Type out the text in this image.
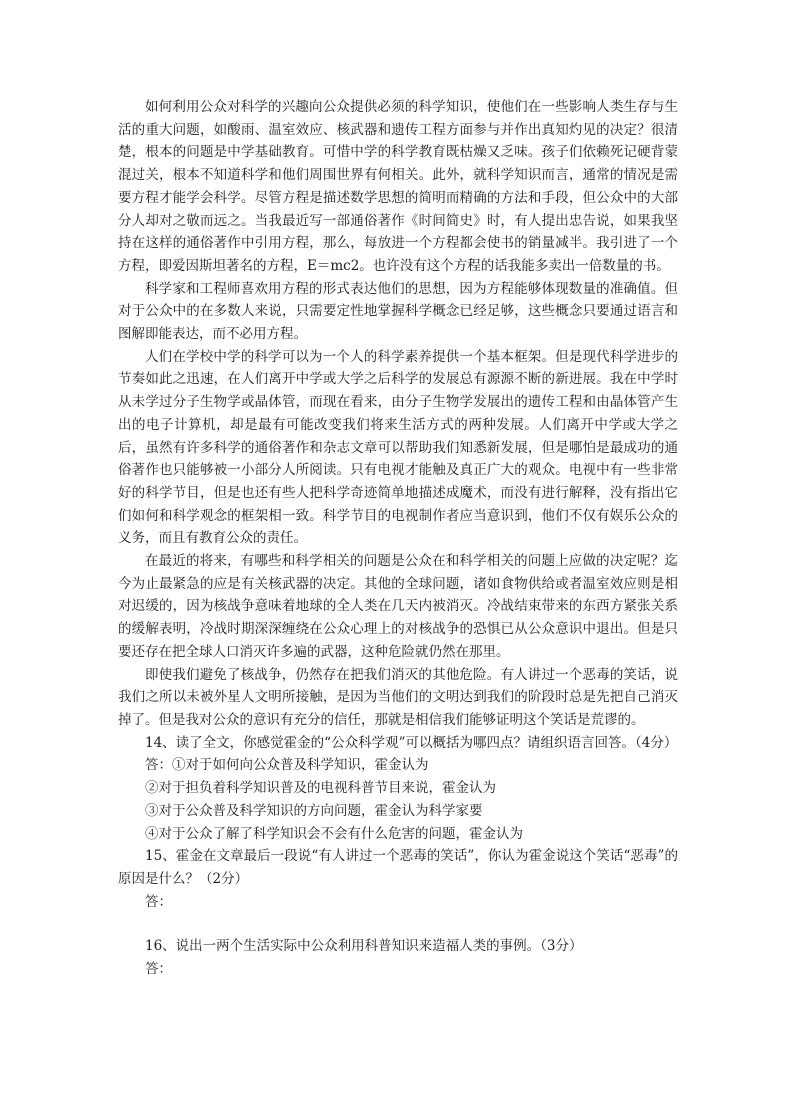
如何利用公众对科学的兴趣向公众提供必须的科学知识，使他们在一些影响人类生存与生活的重大问题，如酸雨、温室效应、核武器和遗传工程方面参与并作出真知灼见的决定？很清楚，根本的问题是中学基础教育。可惜中学的科学教育既枯燥又乏味。孩子们依赖死记硬背蒙混过关，根本不知道科学和他们周围世界有何相关。此外，就科学知识而言，通常的情况是需要方程才能学会科学。尽管方程是描述数学思想的简明而精确的方法和手段，但公众中的大部分人却对之敬而远之。当我最近写一部通俗著作《时间简史》时，有人提出忠告说，如果我坚持在这样的通俗著作中引用方程，那么，每放进一个方程都会使书的销量减半。我引进了一个方程，即爱因斯坦著名的方程，E＝mc2。也许没有这个方程的话我能多卖出一倍数量的书。

科学家和工程师喜欢用方程的形式表达他们的思想，因为方程能够体现数量的准确值。但对于公众中的在多数人来说，只需要定性地掌握科学概念已经足够，这些概念只要通过语言和图解即能表达，而不必用方程。

人们在学校中学的科学可以为一个人的科学素养提供一个基本框架。但是现代科学进步的节奏如此之迅速，在人们离开中学或大学之后科学的发展总有源源不断的新进展。我在中学时从未学过分子生物学或晶体管，而现在看来，由分子生物学发展出的遗传工程和由晶体管产生出的电子计算机，却是最有可能改变我们将来生活方式的两种发展。人们离开中学或大学之后，虽然有许多科学的通俗著作和杂志文章可以帮助我们知悉新发展，但是哪怕是最成功的通俗著作也只能够被一小部分人所阅读。只有电视才能触及真正广大的观众。电视中有一些非常好的科学节目，但是也还有些人把科学奇迹简单地描述成魔术，而没有进行解释，没有指出它们如何和科学观念的框架相一致。科学节目的电视制作者应当意识到，他们不仅有娱乐公众的义务，而且有教育公众的责任。

在最近的将来，有哪些和科学相关的问题是公众在和科学相关的问题上应做的决定呢？迄今为止最紧急的应是有关核武器的决定。其他的全球问题，诸如食物供给或者温室效应则是相对迟缓的，因为核战争意味着地球的全人类在几天内被消灭。冷战结束带来的东西方紧张关系的缓解表明，冷战时期深深缠绕在公众心理上的对核战争的恐惧已从公众意识中退出。但是只要还存在把全球人口消灭许多遍的武器，这种危险就仍然在那里。

即使我们避免了核战争，仍然存在把我们消灭的其他危险。有人讲过一个恶毒的笑话，说我们之所以未被外星人文明所接触，是因为当他们的文明达到我们的阶段时总是先把自己消灭掉了。但是我对公众的意识有充分的信任，那就是相信我们能够证明这个笑话是荒谬的。

14、读了全文，你感觉霍金的“公众科学观”可以概括为哪四点？请组织语言回答。（4分）

答：①对于如何向公众普及科学知识，霍金认为

②对于担负着科学知识普及的电视科普节目来说，霍金认为

③对于公众普及科学知识的方向问题，霍金认为科学家要

④对于公众了解了科学知识会不会有什么危害的问题，霍金认为

15、霍金在文章最后一段说“有人讲过一个恶毒的笑话”，你认为霍金说这个笑话“恶毒”的原因是什么？（2分）

答：

16、说出一两个生活实际中公众利用科普知识来造福人类的事例。（3分）

答：
